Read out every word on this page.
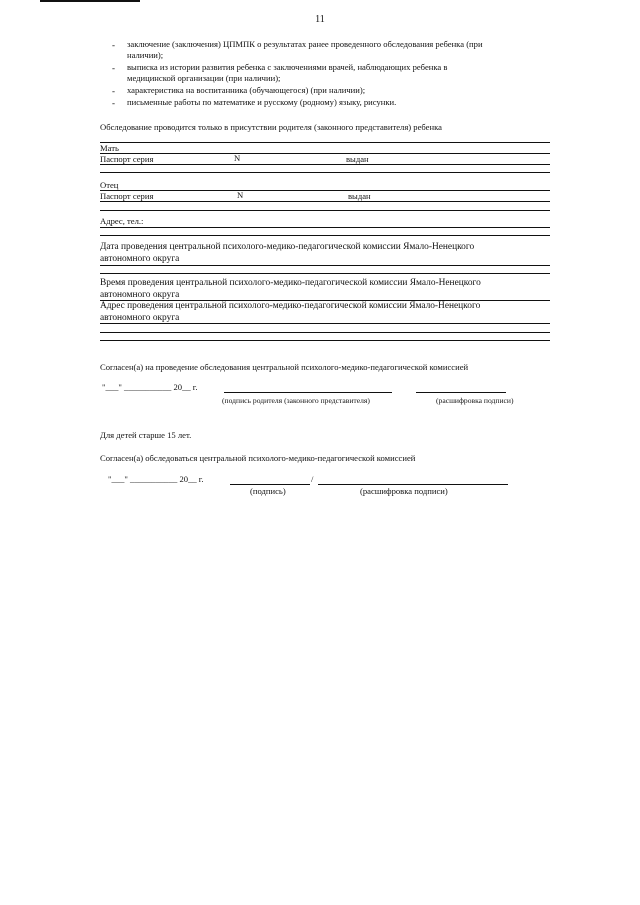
11
- заключение (заключения) ЦПМПК о результатах ранее проведенного обследования ребенка (при
наличии);
- выписка из истории развития ребенка с заключениями врачей, наблюдающих ребенка в
медицинской организации (при наличии);
- характеристика на воспитанника (обучающегося) (при наличии);
- письменные работы по математике и русскому (родному) языку, рисунки.
Обследование проводится только в присутствии родителя (законного представителя) ребенка
Мать
Паспорт серия	N	выдан
Отец
Паспорт серия	N	выдан
Адрес, тел.:
Дата проведения центральной психолого-медико-педагогической комиссии Ямало-Ненецкого
автономного округа
Время проведения центральной психолого-медико-педагогической комиссии Ямало-Ненецкого
автономного округа
Адрес проведения центральной психолого-медико-педагогической комиссии Ямало-Ненецкого
автономного округа
Согласен(а) на проведение обследования центральной психолого-медико-педагогической комиссией
"___" ___________ 20__ г.
(подпись родителя (законного представителя)	(расшифровка подписи)
Для детей старше 15 лет.
Согласен(а) обследоваться центральной психолого-медико-педагогической комиссией
"___" ___________ 20__ г.	/
(подпись)	(расшифровка подписи)
